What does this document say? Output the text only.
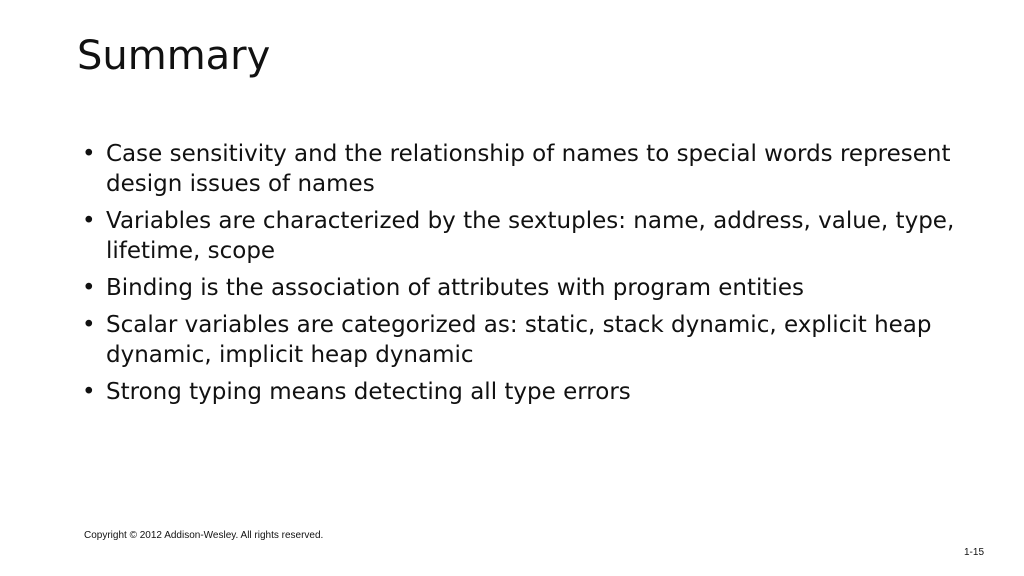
Summary
• Case sensitivity and the relationship of names to special words represent design issues of names
• Variables are characterized by the sextuples: name, address, value, type, lifetime, scope
• Binding is the association of attributes with program entities
• Scalar variables are categorized as: static, stack dynamic, explicit heap dynamic, implicit heap dynamic
• Strong typing means detecting all type errors
Copyright © 2012 Addison-Wesley. All rights reserved.
1-15
